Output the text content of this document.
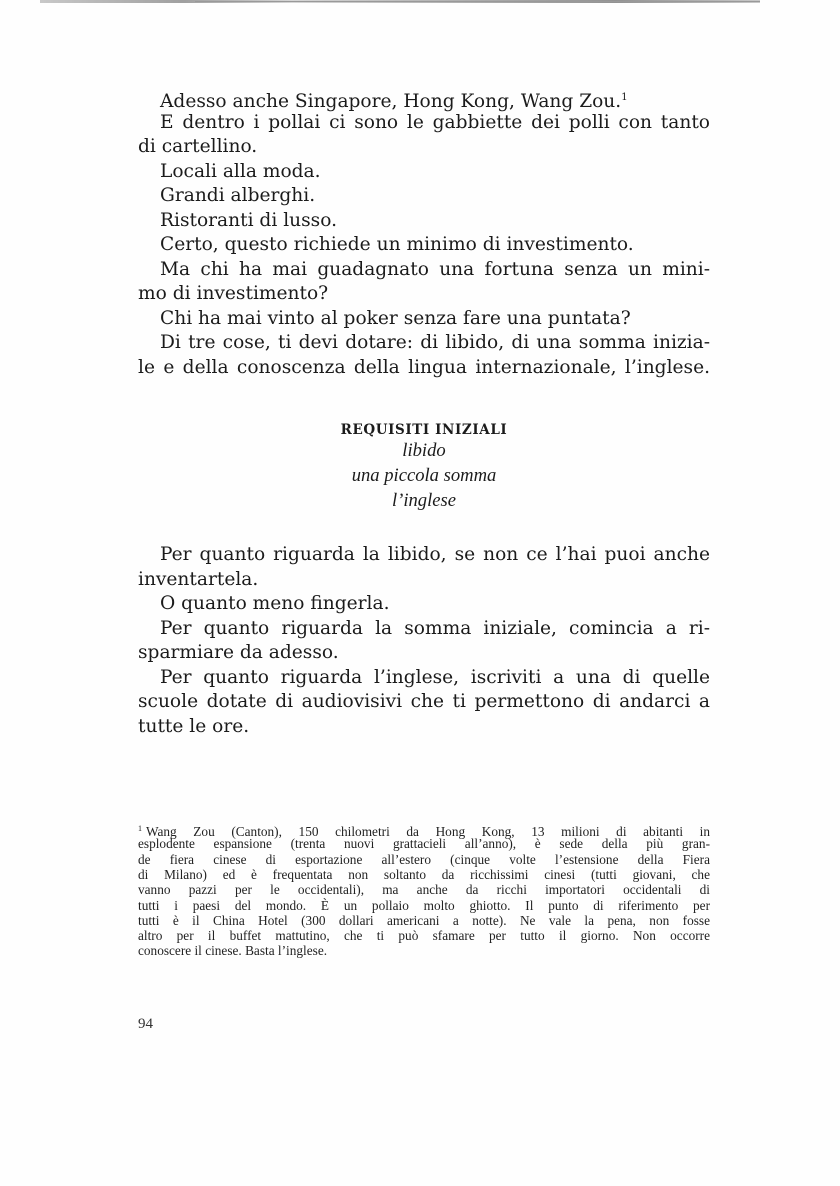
Adesso anche Singapore, Hong Kong, Wang Zou.$^1$
E dentro i pollai ci sono le gabbiette dei polli con tanto
di cartellino.
Locali alla moda.
Grandi alberghi.
Ristoranti di lusso.
Certo, questo richiede un minimo di investimento.
Ma chi ha mai guadagnato una fortuna senza un mini-
mo di investimento?
Chi ha mai vinto al poker senza fare una puntata?
Di tre cose, ti devi dotare: di libido, di una somma inizia-
le e della conoscenza della lingua internazionale, l’inglese.
REQUISITI INIZIALI
libido
una piccola somma
l’inglese
Per quanto riguarda la libido, se non ce l’hai puoi anche
inventartela.
O quanto meno fingerla.
Per quanto riguarda la somma iniziale, comincia a ri-
sparmiare da adesso.
Per quanto riguarda l’inglese, iscriviti a una di quelle
scuole dotate di audiovisivi che ti permettono di andarci a
tutte le ore.
$^1$ Wang Zou (Canton), 150 chilometri da Hong Kong, 13 milioni di abitanti in
esplodente espansione (trenta nuovi grattacieli all’anno), è sede della più gran-
de fiera cinese di esportazione all’estero (cinque volte l’estensione della Fiera
di Milano) ed è frequentata non soltanto da ricchissimi cinesi (tutti giovani, che
vanno pazzi per le occidentali), ma anche da ricchi importatori occidentali di
tutti i paesi del mondo. È un pollaio molto ghiotto. Il punto di riferimento per
tutti è il China Hotel (300 dollari americani a notte). Ne vale la pena, non fosse
altro per il buffet mattutino, che ti può sfamare per tutto il giorno. Non occorre
conoscere il cinese. Basta l’inglese.
94
